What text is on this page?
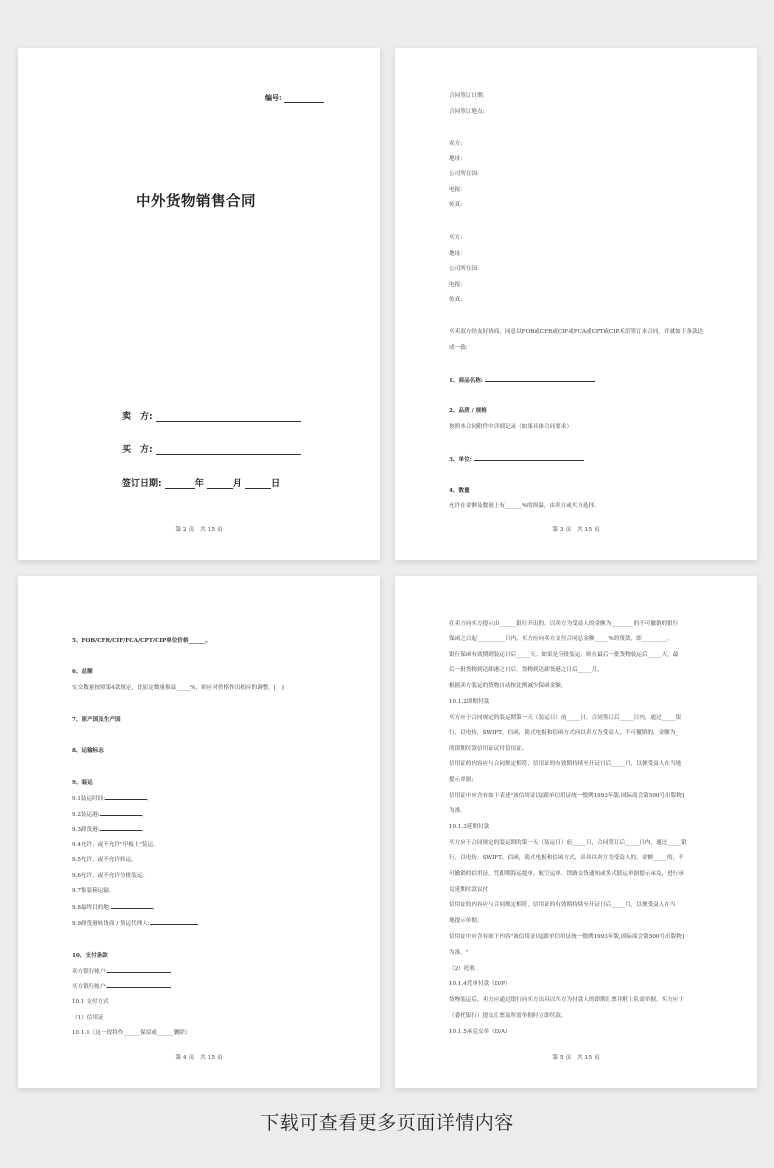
编号:
中外货物销售合同
卖　方:
买　方:
签订日期:	年	月	日
第 2 页　共 15 页
合同签订日期:
合同签订地点:
卖方:
地址:
公司所在国:
电报:
传真:
买方:
地址:
公司所在国:
电报:
传真:
买卖双方经友好协商，同意以FOB或CFR或CIF或FCA或CPT或CIP术语签订本合同，并就如下条款达
成一致:
1、商品名称:
2、品质 / 规格
按照本合同附件中详细记录（如果具体合同要求）
3、单位:
4、数量
允许在金额及数量上有______%的损溢，由卖方或买方选择。
第 3 页　共 15 页
5、FOB/CFR/CIF/FCA/CPT/CIP单位价格______。
6、总额
实交数量按照第4款规定，比原定数量损益_____%，则应对价格作出相应的调整。[　]
7、原产国及生产国
8、运输标志
9、装运
9.1装运时间:	。
9.2装运港:	。
9.3卸货港:	。
9.4允许，或不允许"甲板上"装运。
9.5允许，或不允许转运。
9.6允许，或不允许分批装运。
9.7集装箱运输。
9.8最终目的地:	。
9.9卸货港转货商 / 货运代理人:
10、支付条款
卖方银行帐户:
买方银行帐户:
10.1 支付方式
（1）信用证
10.1.1（这一段将作______保留或______删除）
第 4 页　共 15 页
在卖方向买方提示由______银行开出的，以卖方为受益人的金额为________的不可撤销的银行
保函之日起__________日内，买方应向卖方支付合同总金额_____%的货款，即_________。
银行保函有效期到装运日后_____天。如果是分批装运，则在最后一批货物装运后_____天，最
后一批货物到达卸港之日后，货物到达卸货港之日后_____月。
根据卖方装运的货物自动按比例减少保函金额。
10.1.2即期付款
买方应于合同规定的装运期第一天（装运日）前_____日，合同签订后_____日内，通过_____银
行，以电传，SWIFT，信函，简式电报和信函方式向以卖方为受益人，不可撤销的，金额为_
的即期付款信用证议付信用证。
信用证的内容应与合同规定相符，信用证的有效期持续至开证日后_____月，以便受益人在当地
提示单据;
信用证中应含有如下表述"该信用证以[跟单信用证统一惯例1993年版,国际商会第500号出版物]
为准。
10.1.3延期付款
买方应于合同规定的装运期的第一天（装运日）前_____日，合同签订后_____日内，通过_____银
行，以电传，SWIFT，信函，简式电报和信函方式，出具以卖方为受益人的，金额_____的，不
可撤销的信用证，凭即期海运提单、航空运单、铁路交货通知或多式联运单据提示承兑，进行承
兑延期付款议付
信用证的内容应与合同规定相符，信用证的有效期持续至开证日后_____月，以便受益人在当
地提示单据。
信用证中应含有如下内容"该信用证以[跟单信用证统一惯例1993年版,国际商会第500号出版物]
为准。"
（2）托收
10.1.4凭单付款（D/P）
货物装运后，卖方应通过银行向买方出具以买方为付款人的即期汇票并附上队需单据，买方应于
（委托银行）提交汇票及所需单据时立即付款。
10.1.5承兑交单（D/A）
第 5 页　共 15 页
下载可查看更多页面详情内容
